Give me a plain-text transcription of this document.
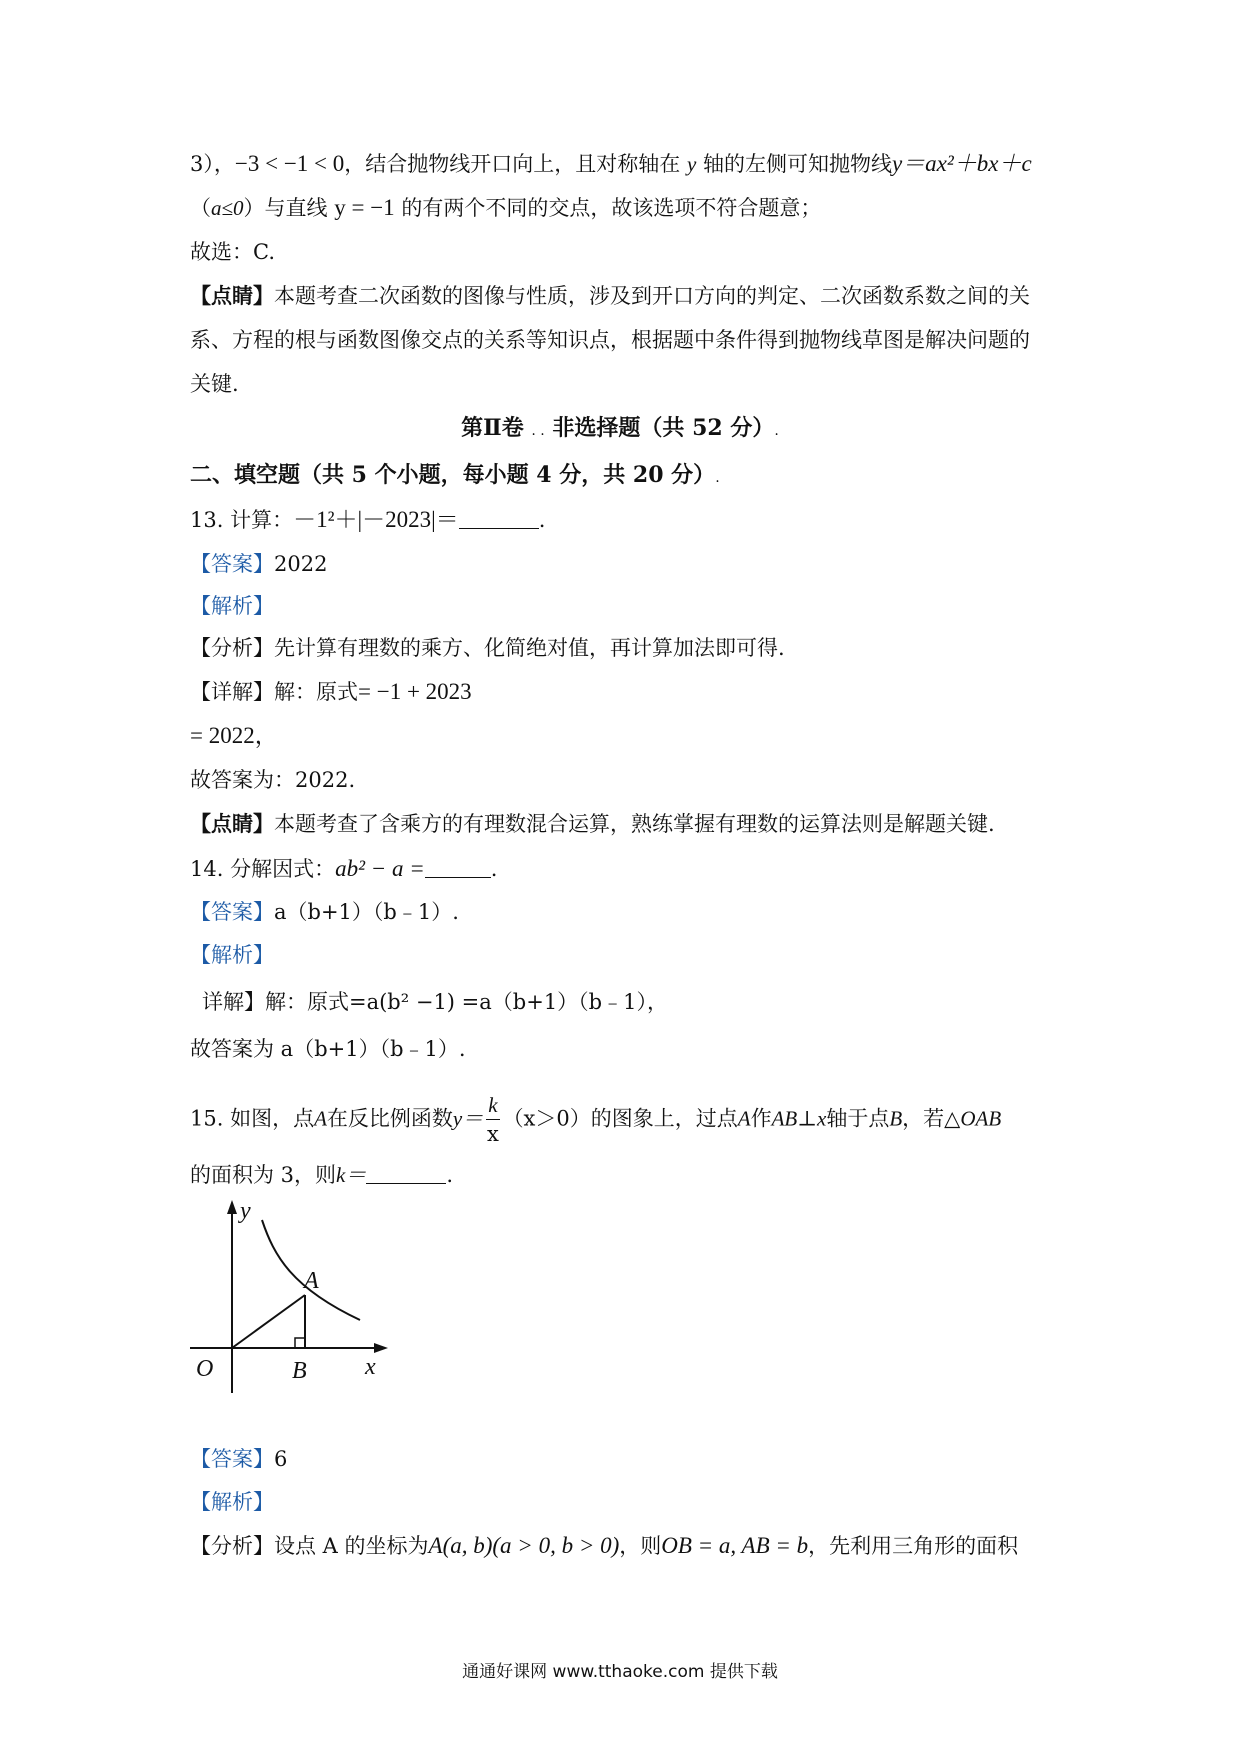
3），−3 < −1 < 0，结合抛物线开口向上，且对称轴在 y 轴的左侧可知抛物线y＝ax²＋bx＋c
（a≤0）与直线 y = −1 的有两个不同的交点，故该选项不符合题意；
故选：C.
【点睛】本题考查二次函数的图像与性质，涉及到开口方向的判定、二次函数系数之间的关
系、方程的根与函数图像交点的关系等知识点，根据题中条件得到抛物线草图是解决问题的
关键.
第Ⅱ卷 . . 非选择题（共 52 分）.
二、填空题（共 5 个小题，每小题 4 分，共 20 分）.
13. 计算：－1²＋|－2023|＝	.
【答案】2022
【解析】
【分析】先计算有理数的乘方、化简绝对值，再计算加法即可得.
【详解】解：原式= −1 + 2023
= 2022，
故答案为：2022.
【点睛】本题考查了含乘方的有理数混合运算，熟练掌握有理数的运算法则是解题关键.
14. 分解因式：ab² − a =	.
【答案】a（b+1）（b﹣1）.
【解析】
详解】解：原式=a(b² −1) =a（b+1）（b﹣1），
故答案为 a（b+1）（b﹣1）.
15. 如图，点A在反比例函数$y= \frac{k}{x} (x>0)$的图象上，过点A作AB⊥x轴于点B，若△OAB
的面积为 3，则k＝	.
y
A
O	B x
【答案】6
【解析】
【分析】设点 A 的坐标为A(a, b)(a > 0, b > 0)，则OB = a, AB = b，先利用三角形的面积
通通好课网 www.tthaoke.com 提供下载
